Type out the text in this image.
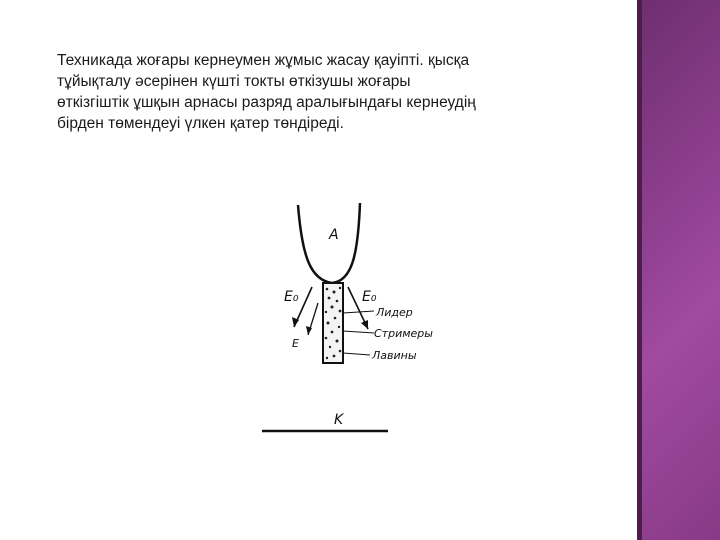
Техникада жоғары кернеумен жұмыс жасау қауіпті. қысқа
тұйықталу әсерінен күшті токты өткізушы жоғары
өткізгіштік ұшқын арнасы разряд аралығындағы кернеудің
бірден төмендеуі үлкен қатер төндіреді.
A
E₀
E
E₀
Лидер
Стримеры
Лавины
K
